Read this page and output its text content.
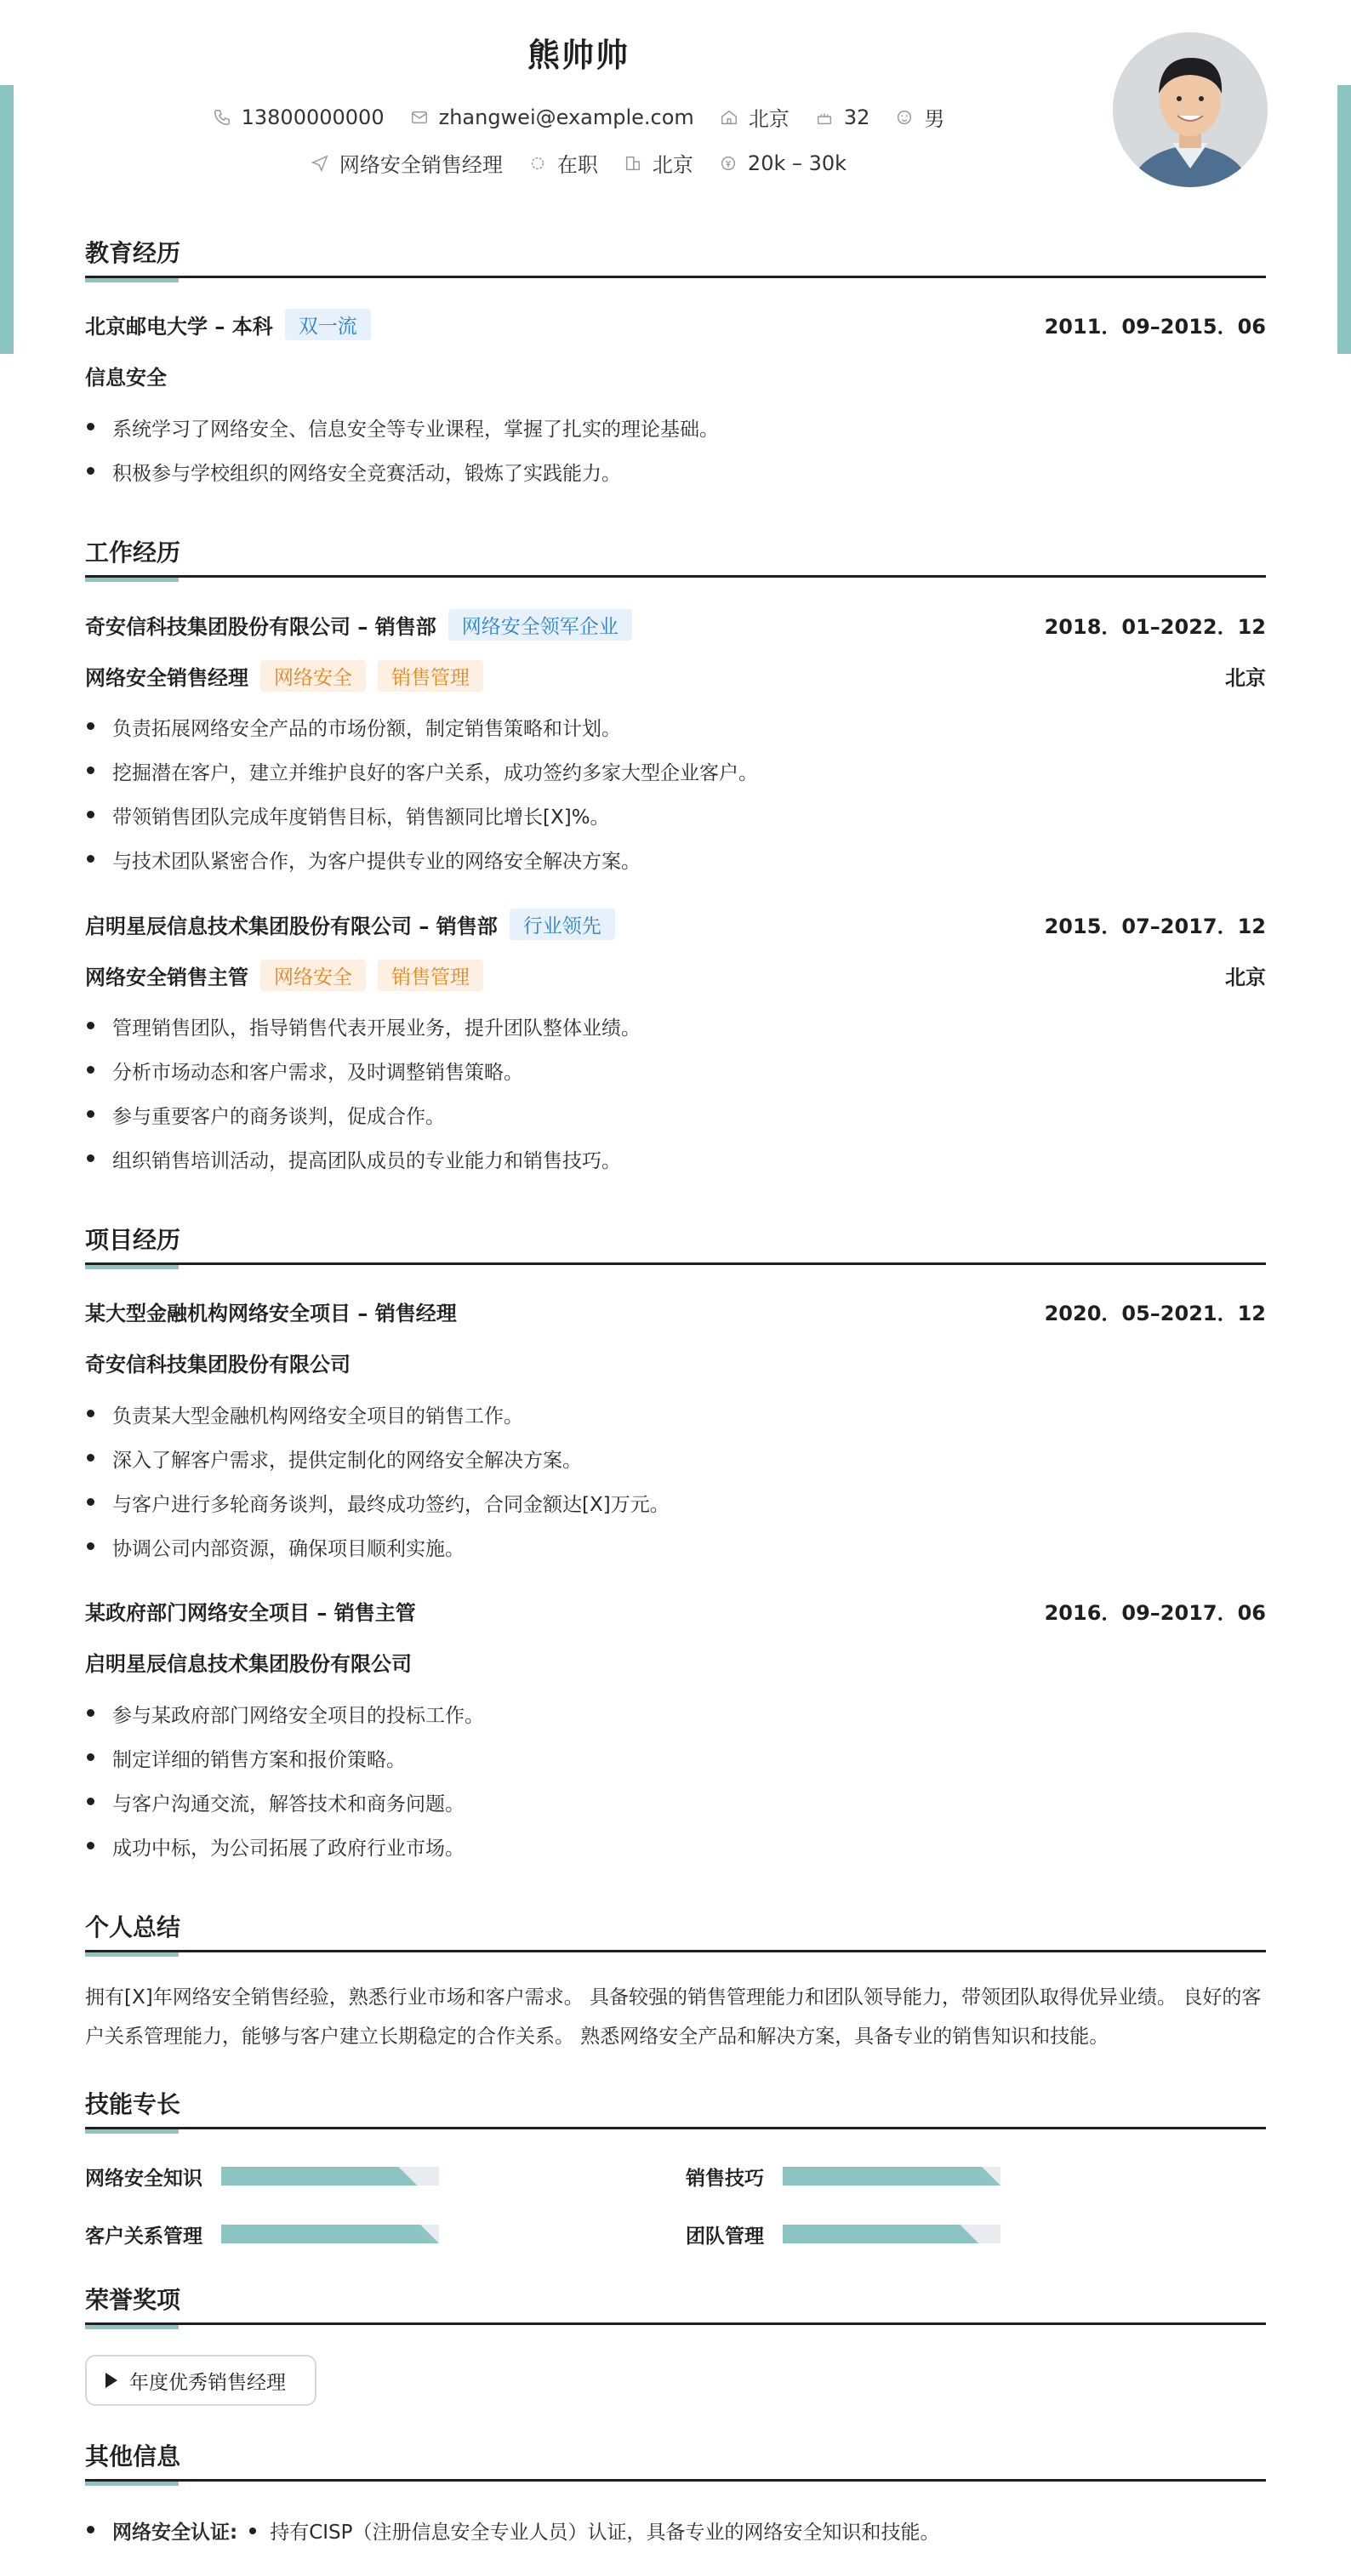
熊帅帅
13800000000	zhangwei@example.com	北京	32	男
网络安全销售经理	在职	北京	20k – 30k
教育经历
北京邮电大学 – 本科	双一流	2011．09–2015．06
信息安全
系统学习了网络安全、信息安全等专业课程，掌握了扎实的理论基础。
积极参与学校组织的网络安全竞赛活动，锻炼了实践能力。
工作经历
奇安信科技集团股份有限公司 – 销售部	网络安全领军企业	2018．01–2022．12
网络安全销售经理	网络安全	销售管理	北京
负责拓展网络安全产品的市场份额，制定销售策略和计划。
挖掘潜在客户，建立并维护良好的客户关系，成功签约多家大型企业客户。
带领销售团队完成年度销售目标，销售额同比增长[X]%。
与技术团队紧密合作，为客户提供专业的网络安全解决方案。
启明星辰信息技术集团股份有限公司 – 销售部	行业领先	2015．07–2017．12
网络安全销售主管	网络安全	销售管理	北京
管理销售团队，指导销售代表开展业务，提升团队整体业绩。
分析市场动态和客户需求，及时调整销售策略。
参与重要客户的商务谈判，促成合作。
组织销售培训活动，提高团队成员的专业能力和销售技巧。
项目经历
某大型金融机构网络安全项目 – 销售经理	2020．05–2021．12
奇安信科技集团股份有限公司
负责某大型金融机构网络安全项目的销售工作。
深入了解客户需求，提供定制化的网络安全解决方案。
与客户进行多轮商务谈判，最终成功签约，合同金额达[X]万元。
协调公司内部资源，确保项目顺利实施。
某政府部门网络安全项目 – 销售主管	2016．09–2017．06
启明星辰信息技术集团股份有限公司
参与某政府部门网络安全项目的投标工作。
制定详细的销售方案和报价策略。
与客户沟通交流，解答技术和商务问题。
成功中标，为公司拓展了政府行业市场。
个人总结
拥有[X]年网络安全销售经验，熟悉行业市场和客户需求。 具备较强的销售管理能力和团队领导能力，带领团队取得优异业绩。 良好的客户关系管理能力，能够与客户建立长期稳定的合作关系。 熟悉网络安全产品和解决方案，具备专业的销售知识和技能。
技能专长
网络安全知识	销售技巧
客户关系管理	团队管理
荣誉奖项
年度优秀销售经理
其他信息
网络安全认证: 持有CISP（注册信息安全专业人员）认证，具备专业的网络安全知识和技能。
